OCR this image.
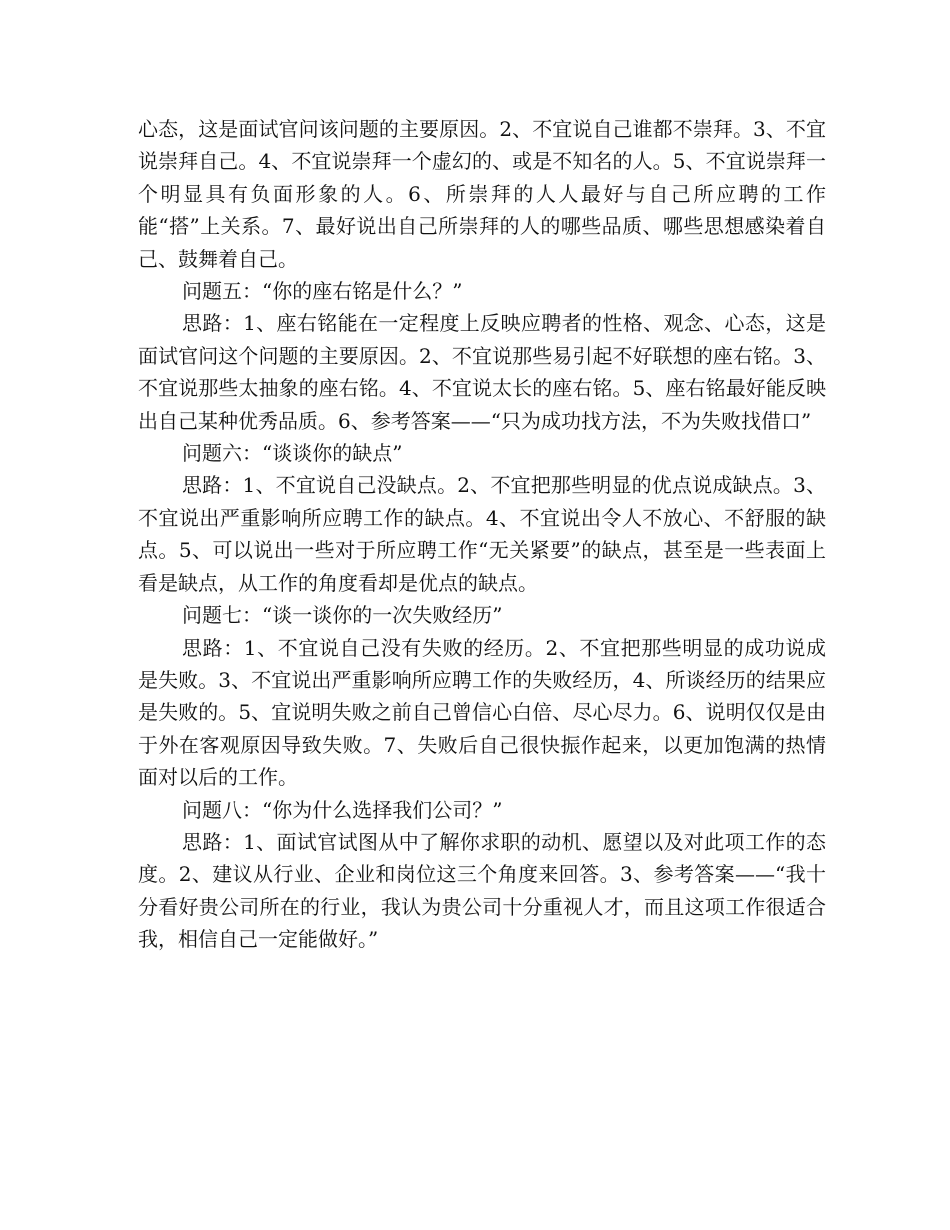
心态，这是面试官问该问题的主要原因。2、不宜说自己谁都不崇拜。3、不宜说崇拜自己。4、不宜说崇拜一个虚幻的、或是不知名的人。5、不宜说崇拜一个明显具有负面形象的人。6、所崇拜的人人最好与自己所应聘的工作能“搭”上关系。7、最好说出自己所崇拜的人的哪些品质、哪些思想感染着自己、鼓舞着自己。

问题五：“你的座右铭是什么？”

思路：1、座右铭能在一定程度上反映应聘者的性格、观念、心态，这是面试官问这个问题的主要原因。2、不宜说那些易引起不好联想的座右铭。3、不宜说那些太抽象的座右铭。4、不宜说太长的座右铭。5、座右铭最好能反映出自己某种优秀品质。6、参考答案——“只为成功找方法，不为失败找借口”

问题六：“谈谈你的缺点”

思路：1、不宜说自己没缺点。2、不宜把那些明显的优点说成缺点。3、不宜说出严重影响所应聘工作的缺点。4、不宜说出令人不放心、不舒服的缺点。5、可以说出一些对于所应聘工作“无关紧要”的缺点，甚至是一些表面上看是缺点，从工作的角度看却是优点的缺点。

问题七：“谈一谈你的一次失败经历”

思路：1、不宜说自己没有失败的经历。2、不宜把那些明显的成功说成是失败。3、不宜说出严重影响所应聘工作的失败经历，4、所谈经历的结果应是失败的。5、宜说明失败之前自己曾信心白倍、尽心尽力。6、说明仅仅是由于外在客观原因导致失败。7、失败后自己很快振作起来，以更加饱满的热情面对以后的工作。

问题八：“你为什么选择我们公司？”

思路：1、面试官试图从中了解你求职的动机、愿望以及对此项工作的态度。2、建议从行业、企业和岗位这三个角度来回答。3、参考答案——“我十分看好贵公司所在的行业，我认为贵公司十分重视人才，而且这项工作很适合我，相信自己一定能做好。”
